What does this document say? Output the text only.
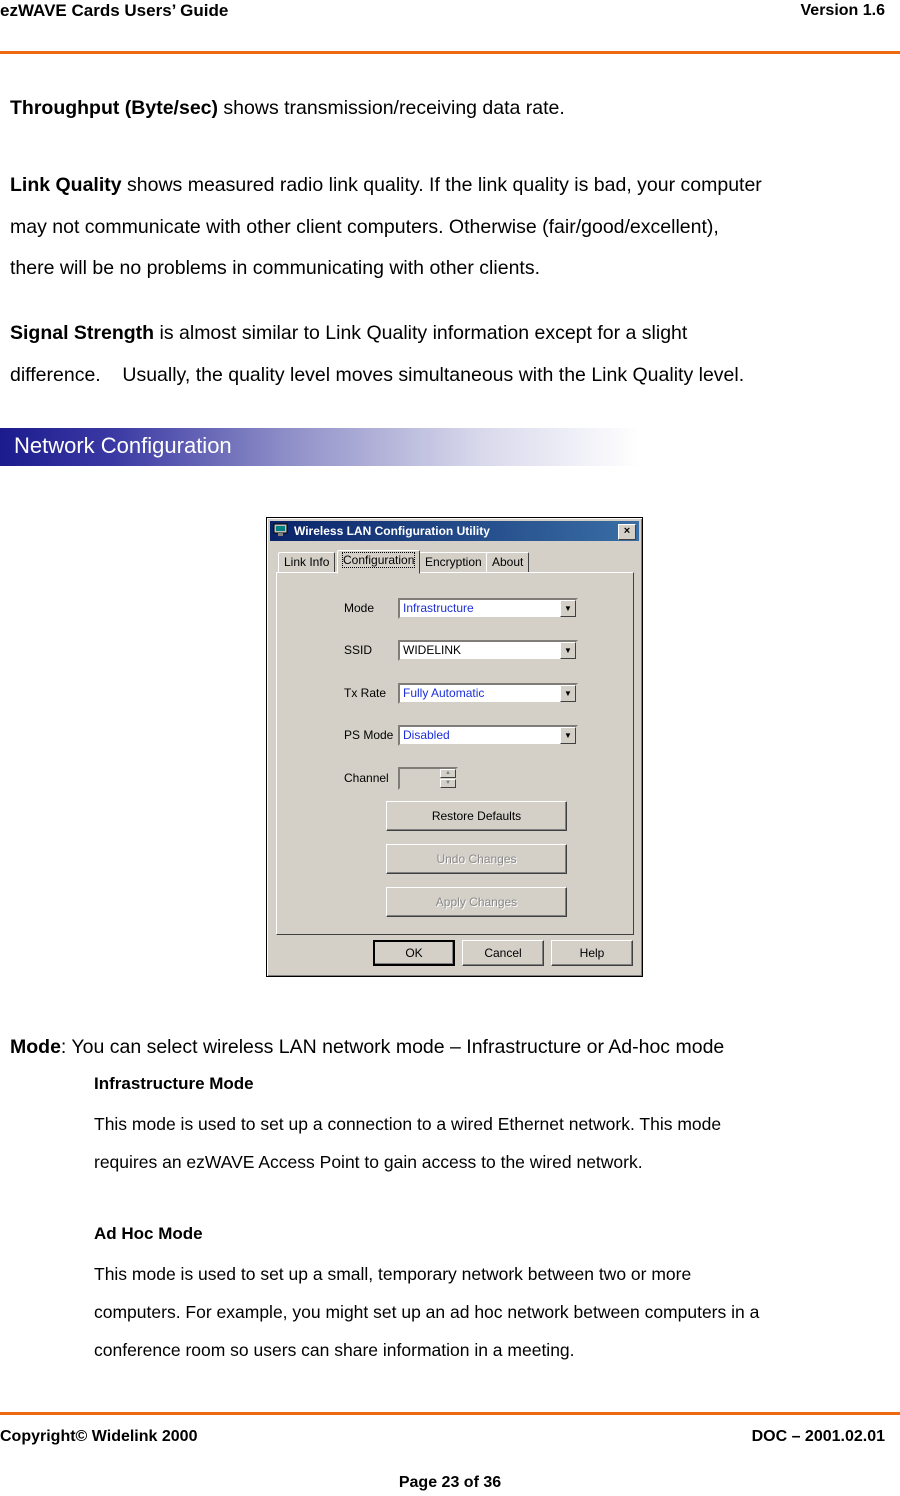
ezWAVE Cards Users’ Guide	Version 1.6
Throughput (Byte/sec) shows transmission/receiving data rate.
Link Quality shows measured radio link quality. If the link quality is bad, your computer
may not communicate with other client computers. Otherwise (fair/good/excellent),
there will be no problems in communicating with other clients.
Signal Strength is almost similar to Link Quality information except for a slight
difference.    Usually, the quality level moves simultaneous with the Link Quality level.
Network Configuration
Wireless LAN Configuration Utility	×
Link Info	Configuration Encryption About
Mode	Infrastructure	▼
SSID	WIDELINK	▼
Tx Rate	Fully Automatic	▼
PS Mode Disabled	▼
Channel	▲
▼
Restore Defaults
Undo Changes
Apply Changes
OK	Cancel	Help
Mode: You can select wireless LAN network mode – Infrastructure or Ad-hoc mode
Infrastructure Mode
This mode is used to set up a connection to a wired Ethernet network. This mode
requires an ezWAVE Access Point to gain access to the wired network.
Ad Hoc Mode
This mode is used to set up a small, temporary network between two or more
computers. For example, you might set up an ad hoc network between computers in a
conference room so users can share information in a meeting.
Copyright© Widelink 2000	DOC – 2001.02.01
Page 23 of 36
